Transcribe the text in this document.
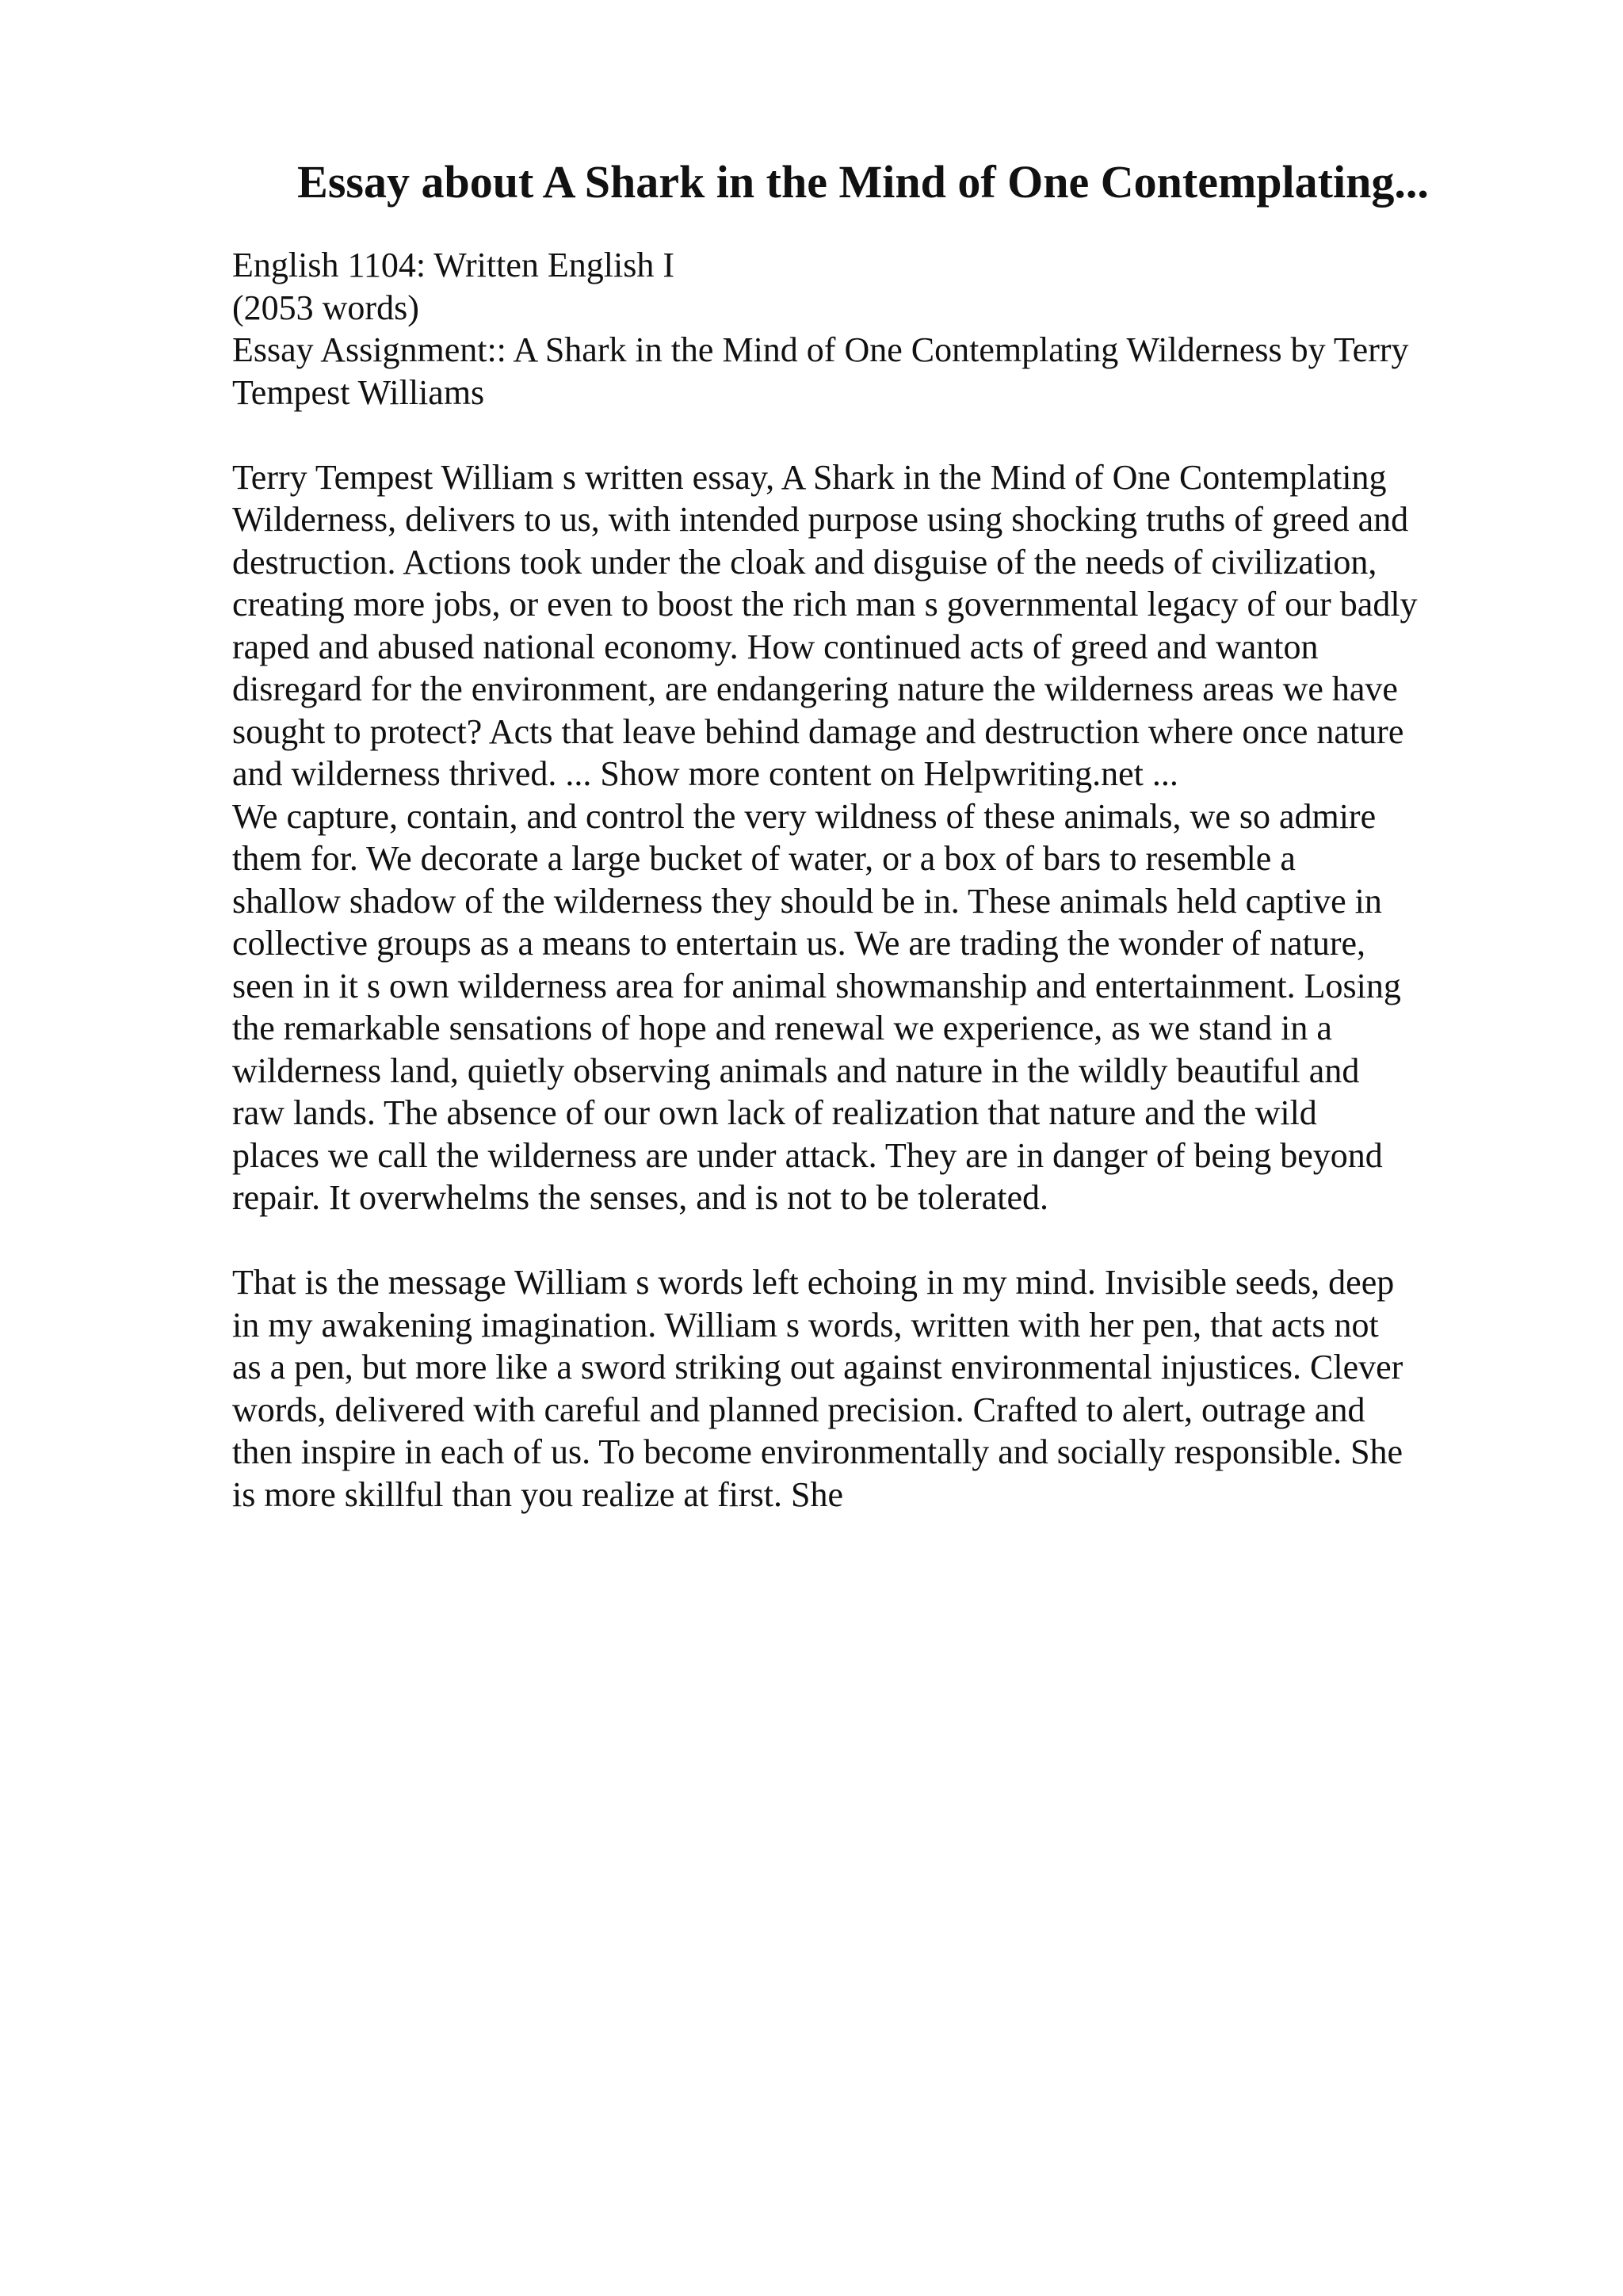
Essay about A Shark in the Mind of One Contemplating...
English 1104: Written English I
(2053 words)
Essay Assignment:: A Shark in the Mind of One Contemplating Wilderness by Terry
Tempest Williams
Terry Tempest William s written essay, A Shark in the Mind of One Contemplating
Wilderness, delivers to us, with intended purpose using shocking truths of greed and
destruction. Actions took under the cloak and disguise of the needs of civilization,
creating more jobs, or even to boost the rich man s governmental legacy of our badly
raped and abused national economy. How continued acts of greed and wanton
disregard for the environment, are endangering nature the wilderness areas we have
sought to protect? Acts that leave behind damage and destruction where once nature
and wilderness thrived. ... Show more content on Helpwriting.net ...
We capture, contain, and control the very wildness of these animals, we so admire
them for. We decorate a large bucket of water, or a box of bars to resemble a
shallow shadow of the wilderness they should be in. These animals held captive in
collective groups as a means to entertain us. We are trading the wonder of nature,
seen in it s own wilderness area for animal showmanship and entertainment. Losing
the remarkable sensations of hope and renewal we experience, as we stand in a
wilderness land, quietly observing animals and nature in the wildly beautiful and
raw lands. The absence of our own lack of realization that nature and the wild
places we call the wilderness are under attack. They are in danger of being beyond
repair. It overwhelms the senses, and is not to be tolerated.
That is the message William s words left echoing in my mind. Invisible seeds, deep
in my awakening imagination. William s words, written with her pen, that acts not
as a pen, but more like a sword striking out against environmental injustices. Clever
words, delivered with careful and planned precision. Crafted to alert, outrage and
then inspire in each of us. To become environmentally and socially responsible. She
is more skillful than you realize at first. She
